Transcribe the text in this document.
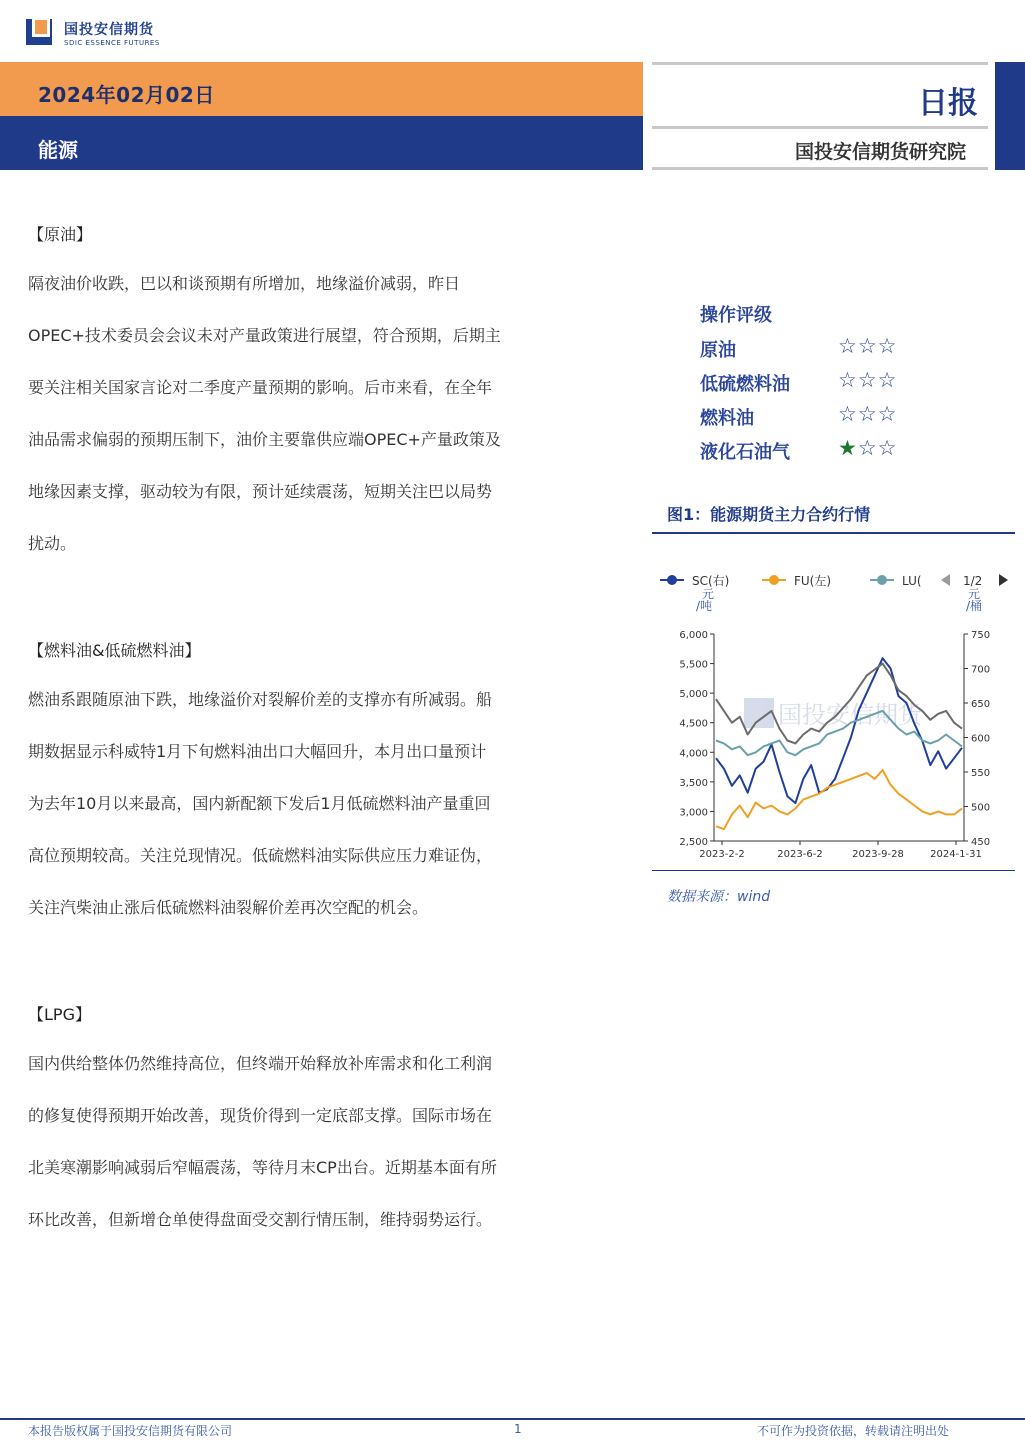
国投安信期货
SDIC ESSENCE FUTURES
2024年02月02日
能源
日报
国投安信期货研究院
【原油】
隔夜油价收跌，巴以和谈预期有所增加，地缘溢价减弱，昨日
OPEC+技术委员会会议未对产量政策进行展望，符合预期，后期主
要关注相关国家言论对二季度产量预期的影响。后市来看，在全年
油品需求偏弱的预期压制下，油价主要靠供应端OPEC+产量政策及
地缘因素支撑，驱动较为有限，预计延续震荡，短期关注巴以局势
扰动。
【燃料油&低硫燃料油】
燃油系跟随原油下跌，地缘溢价对裂解价差的支撑亦有所减弱。船
期数据显示科威特1月下旬燃料油出口大幅回升，本月出口量预计
为去年10月以来最高，国内新配额下发后1月低硫燃料油产量重回
高位预期较高。关注兑现情况。低硫燃料油实际供应压力难证伪，
关注汽柴油止涨后低硫燃料油裂解价差再次空配的机会。
【LPG】
国内供给整体仍然维持高位，但终端开始释放补库需求和化工利润
的修复使得预期开始改善，现货价得到一定底部支撑。国际市场在
北美寒潮影响减弱后窄幅震荡，等待月末CP出台。近期基本面有所
环比改善，但新增仓单使得盘面受交割行情压制，维持弱势运行。
操作评级
原油	☆☆☆
低硫燃料油 ☆☆☆
燃料油	☆☆☆
液化石油气 ★☆☆
图1：能源期货主力合约行情
SC(右)	FU(左)	LU(	1/2
元
/吨
元
/桶
国投安信期货
6,000
5,500
5,000
4,500
4,000
3,500
3,000
2,500
750
700
650
600
550
500
450
2023-2-2	2023-6-2	2023-9-28	2024-1-31
数据来源：wind
本报告版权属于国投安信期货有限公司	1	不可作为投资依据，转载请注明出处
